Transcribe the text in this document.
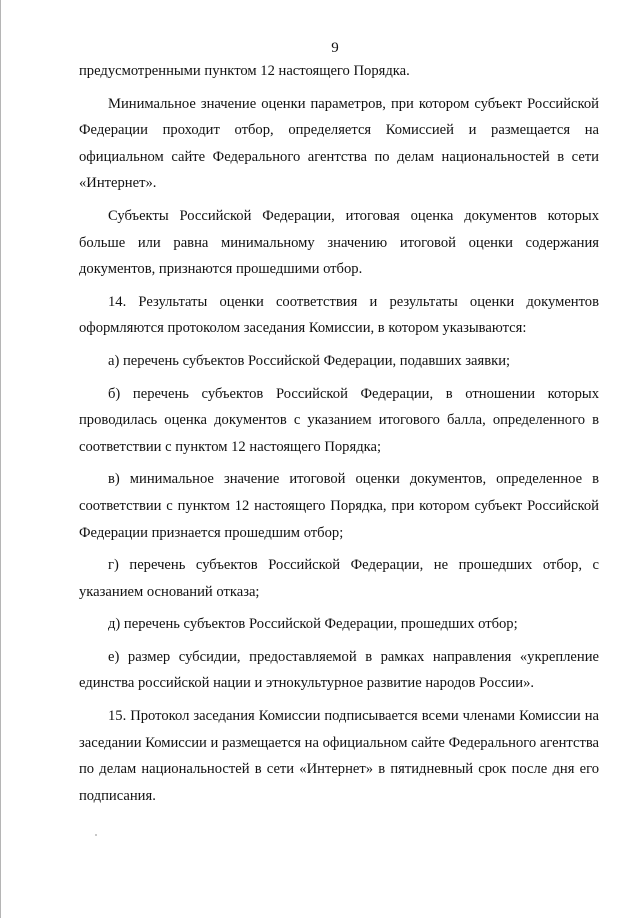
9

предусмотренными пунктом 12 настоящего Порядка.

Минимальное значение оценки параметров, при котором субъект Российской Федерации проходит отбор, определяется Комиссией и размещается на официальном сайте Федерального агентства по делам национальностей в сети «Интернет».

Субъекты Российской Федерации, итоговая оценка документов которых больше или равна минимальному значению итоговой оценки содержания документов, признаются прошедшими отбор.

14. Результаты оценки соответствия и результаты оценки документов оформляются протоколом заседания Комиссии, в котором указываются:

а) перечень субъектов Российской Федерации, подавших заявки;

б) перечень субъектов Российской Федерации, в отношении которых проводилась оценка документов с указанием итогового балла, определенного в соответствии с пунктом 12 настоящего Порядка;

в) минимальное значение итоговой оценки документов, определенное в соответствии с пунктом 12 настоящего Порядка, при котором субъект Российской Федерации признается прошедшим отбор;

г) перечень субъектов Российской Федерации, не прошедших отбор, с указанием оснований отказа;

д) перечень субъектов Российской Федерации, прошедших отбор;

е) размер субсидии, предоставляемой в рамках направления «укрепление единства российской нации и этнокультурное развитие народов России».

15. Протокол заседания Комиссии подписывается всеми членами Комиссии на заседании Комиссии и размещается на официальном сайте Федерального агентства по делам национальностей в сети «Интернет» в пятидневный срок после дня его подписания.
